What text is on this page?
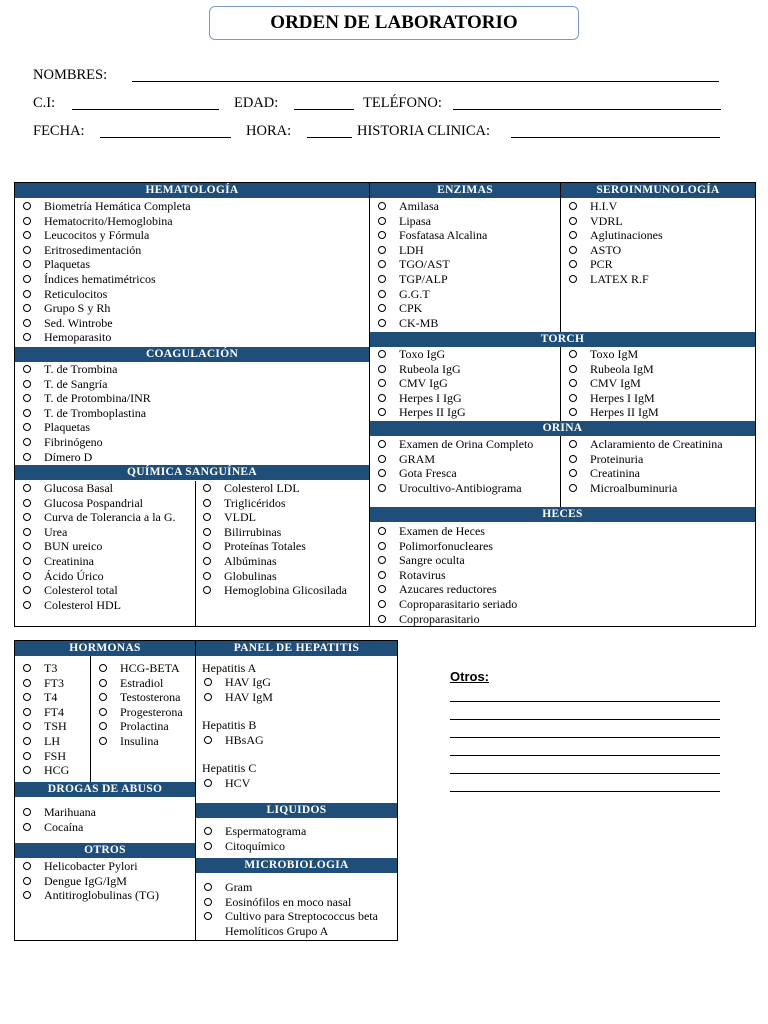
ORDEN DE LABORATORIO
NOMBRES:
C.I:	EDAD:	TELÉFONO:
FECHA:	HORA:	HISTORIA CLINICA:
HEMATOLOGÍA
Biometría Hemática Completa
Hematocrito/Hemoglobina
Leucocitos y Fórmula
Eritrosedimentación
Plaquetas
Índices hematimétricos
Reticulocitos
Grupo S y Rh
Sed. Wintrobe
Hemoparasito
COAGULACIÓN
T. de Trombina
T. de Sangría
T. de Protombina/INR
T. de Tromboplastina
Plaquetas
Fibrinógeno
Dímero D
QUÍMICA SANGUÍNEA
Glucosa Basal
Glucosa Pospandrial
Curva de Tolerancia a la G.
Urea
BUN ureico
Creatinina
Ácido Úrico
Colesterol total
Colesterol HDL
Colesterol LDL
Triglicéridos
VLDL
Bilirrubinas
Proteínas Totales
Albúminas
Globulinas
Hemoglobina Glicosilada
ENZIMAS
Amilasa
Lipasa
Fosfatasa Alcalina
LDH
TGO/AST
TGP/ALP
G.G.T
CPK
CK-MB
SEROINMUNOLOGÍA
H.I.V
VDRL
Aglutinaciones
ASTO
PCR
LATEX R.F
TORCH
Toxo IgG
Rubeola IgG
CMV IgG
Herpes I IgG
Herpes II IgG
Toxo IgM
Rubeola IgM
CMV IgM
Herpes I IgM
Herpes II IgM
ORINA
Examen de Orina Completo
GRAM
Gota Fresca
Urocultivo-Antibiograma
Aclaramiento de Creatinina
Proteinuria
Creatinina
Microalbuminuria
HECES
Examen de Heces
Polimorfonucleares
Sangre oculta
Rotavirus
Azucares reductores
Coproparasitario seriado
Coproparasitario
HORMONAS
T3
FT3
T4
FT4
TSH
LH
FSH
HCG
HCG-BETA
Estradiol
Testosterona
Progesterona
Prolactina
Insulina
PANEL DE HEPATITIS
Hepatitis A
HAV IgG
HAV IgM
Hepatitis B
HBsAG
Hepatitis C
HCV
DROGAS DE ABUSO
Marihuana
Cocaína
OTROS
Helicobacter Pylori
Dengue IgG/IgM
Antitiroglobulinas (TG)
LIQUIDOS
Espermatograma
Citoquímico
MICROBIOLOGIA
Gram
Eosinófilos en moco nasal
Cultivo para Streptococcus beta
Hemolíticos Grupo A
Otros:
